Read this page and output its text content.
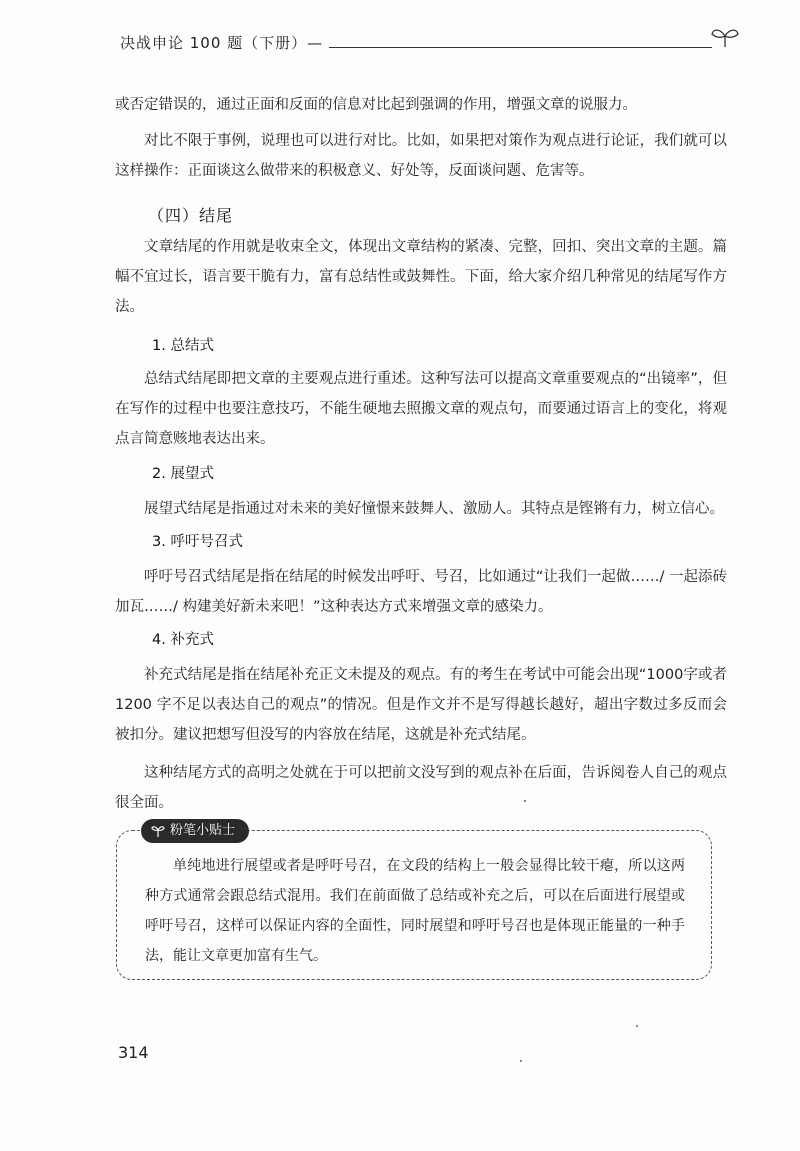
决战申论 100 题（下册）—

或否定错误的，通过正面和反面的信息对比起到强调的作用，增强文章的说服力。

对比不限于事例，说理也可以进行对比。比如，如果把对策作为观点进行论证，我们就可以这样操作：正面谈这么做带来的积极意义、好处等，反面谈问题、危害等。

（四）结尾

文章结尾的作用就是收束全文，体现出文章结构的紧凑、完整，回扣、突出文章的主题。篇幅不宜过长，语言要干脆有力，富有总结性或鼓舞性。下面，给大家介绍几种常见的结尾写作方法。

1. 总结式

总结式结尾即把文章的主要观点进行重述。这种写法可以提高文章重要观点的“出镜率”，但在写作的过程中也要注意技巧，不能生硬地去照搬文章的观点句，而要通过语言上的变化，将观点言简意赅地表达出来。

2. 展望式

展望式结尾是指通过对未来的美好憧憬来鼓舞人、激励人。其特点是铿锵有力，树立信心。

3. 呼吁号召式

呼吁号召式结尾是指在结尾的时候发出呼吁、号召，比如通过“让我们一起做……/ 一起添砖加瓦……/ 构建美好新未来吧！”这种表达方式来增强文章的感染力。

4. 补充式

补充式结尾是指在结尾补充正文未提及的观点。有的考生在考试中可能会出现“1000字或者 1200 字不足以表达自己的观点”的情况。但是作文并不是写得越长越好，超出字数过多反而会被扣分。建议把想写但没写的内容放在结尾，这就是补充式结尾。

这种结尾方式的高明之处就在于可以把前文没写到的观点补在后面，告诉阅卷人自己的观点很全面。

粉笔小贴士

单纯地进行展望或者是呼吁号召，在文段的结构上一般会显得比较干瘪，所以这两种方式通常会跟总结式混用。我们在前面做了总结或补充之后，可以在后面进行展望或呼吁号召，这样可以保证内容的全面性，同时展望和呼吁号召也是体现正能量的一种手法，能让文章更加富有生气。

314
